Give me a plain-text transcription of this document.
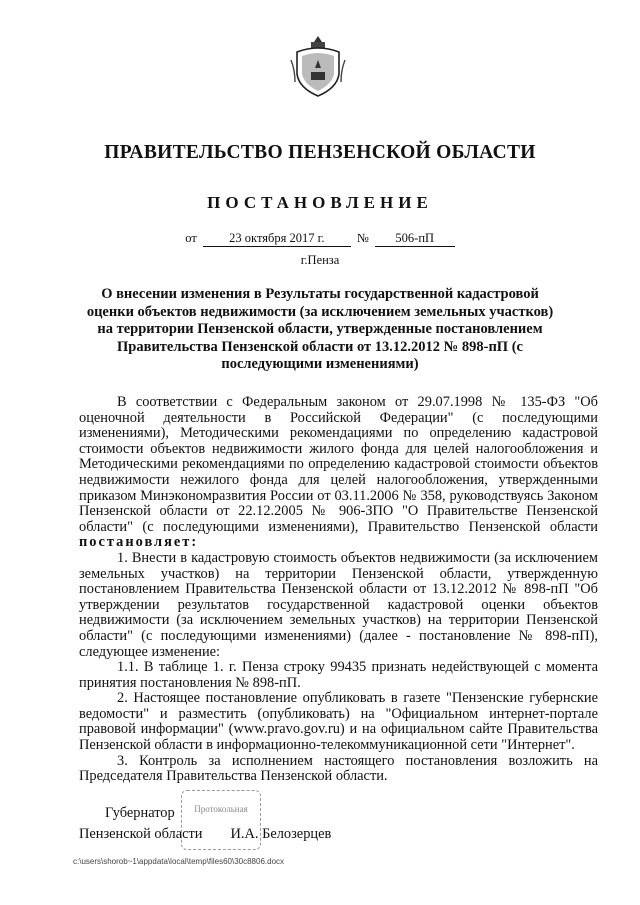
ПРАВИТЕЛЬСТВО ПЕНЗЕНСКОЙ ОБЛАСТИ
ПОСТАНОВЛЕНИЕ
от	23 октября 2017 г.	№	506-пП
г.Пенза
О внесении изменения в Результаты государственной кадастровой оценки объектов недвижимости (за исключением земельных участков) на территории Пензенской области, утвержденные постановлением Правительства Пензенской области от 13.12.2012 № 898-пП (с последующими изменениями)

В соответствии с Федеральным законом от 29.07.1998 № 135-ФЗ "Об оценочной деятельности в Российской Федерации" (с последующими изменениями), Методическими рекомендациями по определению кадастровой стоимости объектов недвижимости жилого фонда для целей налогообложения и Методическими рекомендациями по определению кадастровой стоимости объектов недвижимости нежилого фонда для целей налогообложения, утвержденными приказом Минэкономразвития России от 03.11.2006 № 358, руководствуясь Законом Пензенской области от 22.12.2005 № 906-ЗПО "О Правительстве Пензенской области" (с последующими изменениями), Правительство Пензенской области постановляет:

1. Внести в кадастровую стоимость объектов недвижимости (за исключением земельных участков) на территории Пензенской области, утвержденную постановлением Правительства Пензенской области от 13.12.2012 № 898-пП "Об утверждении результатов государственной кадастровой оценки объектов недвижимости (за исключением земельных участков) на территории Пензенской области" (с последующими изменениями) (далее - постановление № 898-пП), следующее изменение:

1.1. В таблице 1. г. Пенза строку 99435 признать недействующей с момента принятия постановления № 898-пП.

2. Настоящее постановление опубликовать в газете "Пензенские губернские ведомости" и разместить (опубликовать) на "Официальном интернет-портале правовой информации" (www.pravo.gov.ru) и на официальном сайте Правительства Пензенской области в информационно-телекоммуникационной сети "Интернет".

3. Контроль за исполнением настоящего постановления возложить на Председателя Правительства Пензенской области.

Губернатор
Пензенской области И.А. Белозерцев
Протокольная
c:\users\shorob~1\appdata\local\temp\files60\30c8806.docx
